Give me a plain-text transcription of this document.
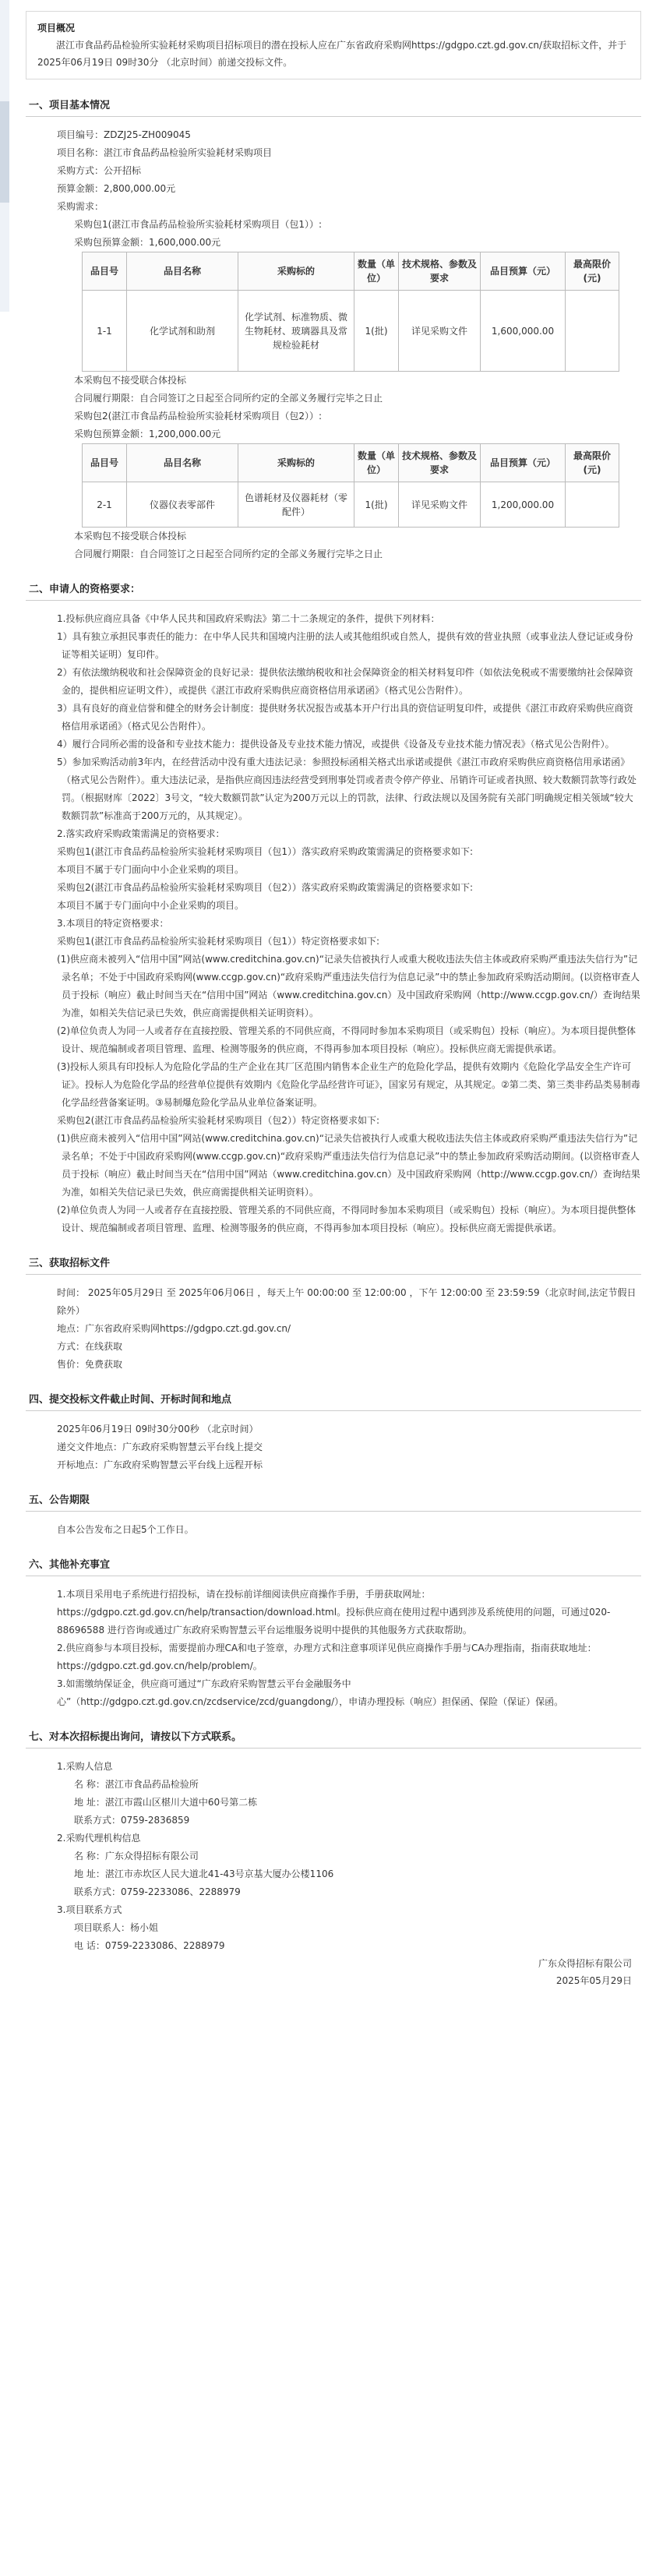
项目概况
湛江市食品药品检验所实验耗材采购项目招标项目的潜在投标人应在广东省政府采购网https://gdgpo.czt.gd.gov.cn/获取招标文件，并于 2025年06月19日 09时30分 （北京时间）前递交投标文件。
一、项目基本情况
项目编号：ZDZJ25-ZH009045
项目名称：湛江市食品药品检验所实验耗材采购项目
采购方式：公开招标
预算金额：2,800,000.00元
采购需求：
采购包1(湛江市食品药品检验所实验耗材采购项目（包1））:
采购包预算金额：1,600,000.00元
品目号	品目名称	采购标的	数量（单位）	技术规格、参数及要求	品目预算（元）	最高限价(元)
1-1	化学试剂和助剂	化学试剂、标准物质、微生物耗材、玻璃器具及常规检验耗材	1(批)	详见采购文件	1,600,000.00	
本采购包不接受联合体投标
合同履行期限：自合同签订之日起至合同所约定的全部义务履行完毕之日止
采购包2(湛江市食品药品检验所实验耗材采购项目（包2））:
采购包预算金额：1,200,000.00元
品目号	品目名称	采购标的	数量（单位）	技术规格、参数及要求	品目预算（元）	最高限价(元)
2-1	仪器仪表零部件	色谱耗材及仪器耗材（零配件）	1(批)	详见采购文件	1,200,000.00	
本采购包不接受联合体投标
合同履行期限：自合同签订之日起至合同所约定的全部义务履行完毕之日止
二、申请人的资格要求：
1.投标供应商应具备《中华人民共和国政府采购法》第二十二条规定的条件，提供下列材料：
1）具有独立承担民事责任的能力：在中华人民共和国境内注册的法人或其他组织或自然人，提供有效的营业执照（或事业法人登记证或身份证等相关证明）复印件。
2）有依法缴纳税收和社会保障资金的良好记录：提供依法缴纳税收和社会保障资金的相关材料复印件（如依法免税或不需要缴纳社会保障资金的，提供相应证明文件），或提供《湛江市政府采购供应商资格信用承诺函》（格式见公告附件）。
3）具有良好的商业信誉和健全的财务会计制度：提供财务状况报告或基本开户行出具的资信证明复印件，或提供《湛江市政府采购供应商资格信用承诺函》（格式见公告附件）。
4）履行合同所必需的设备和专业技术能力：提供设备及专业技术能力情况，或提供《设备及专业技术能力情况表》（格式见公告附件）。
5）参加采购活动前3年内，在经营活动中没有重大违法记录：参照投标函相关格式出承诺或提供《湛江市政府采购供应商资格信用承诺函》（格式见公告附件）。重大违法记录，是指供应商因违法经营受到刑事处罚或者责令停产停业、吊销许可证或者执照、较大数额罚款等行政处罚。（根据财库〔2022〕3号文，“较大数额罚款”认定为200万元以上的罚款，法律、行政法规以及国务院有关部门明确规定相关领域“较大数额罚款”标准高于200万元的，从其规定）。
2.落实政府采购政策需满足的资格要求：
采购包1(湛江市食品药品检验所实验耗材采购项目（包1））落实政府采购政策需满足的资格要求如下:
本项目不属于专门面向中小企业采购的项目。
采购包2(湛江市食品药品检验所实验耗材采购项目（包2））落实政府采购政策需满足的资格要求如下:
本项目不属于专门面向中小企业采购的项目。
3.本项目的特定资格要求：
采购包1(湛江市食品药品检验所实验耗材采购项目（包1））特定资格要求如下:
(1)供应商未被列入“信用中国”网站(www.creditchina.gov.cn)“记录失信被执行人或重大税收违法失信主体或政府采购严重违法失信行为”记录名单；不处于中国政府采购网(www.ccgp.gov.cn)“政府采购严重违法失信行为信息记录”中的禁止参加政府采购活动期间。(以资格审查人员于投标（响应）截止时间当天在“信用中国”网站（www.creditchina.gov.cn）及中国政府采购网（http://www.ccgp.gov.cn/）查询结果为准，如相关失信记录已失效，供应商需提供相关证明资料）。
(2)单位负责人为同一人或者存在直接控股、管理关系的不同供应商，不得同时参加本采购项目（或采购包）投标（响应）。为本项目提供整体设计、规范编制或者项目管理、监理、检测等服务的供应商，不得再参加本项目投标（响应）。投标供应商无需提供承诺。
(3)投标人须具有印投标人为危险化学品的生产企业在其厂区范围内销售本企业生产的危险化学品，提供有效期内《危险化学品安全生产许可证》。投标人为危险化学品的经营单位提供有效期内《危险化学品经营许可证》，国家另有规定，从其规定。②第二类、第三类非药品类易制毒化学品经营备案证明。③易制爆危险化学品从业单位备案证明。
采购包2(湛江市食品药品检验所实验耗材采购项目（包2））特定资格要求如下:
(1)供应商未被列入“信用中国”网站(www.creditchina.gov.cn)“记录失信被执行人或重大税收违法失信主体或政府采购严重违法失信行为”记录名单；不处于中国政府采购网(www.ccgp.gov.cn)“政府采购严重违法失信行为信息记录”中的禁止参加政府采购活动期间。(以资格审查人员于投标（响应）截止时间当天在“信用中国”网站（www.creditchina.gov.cn）及中国政府采购网（http://www.ccgp.gov.cn/）查询结果为准，如相关失信记录已失效，供应商需提供相关证明资料）。
(2)单位负责人为同一人或者存在直接控股、管理关系的不同供应商，不得同时参加本采购项目（或采购包）投标（响应）。为本项目提供整体设计、规范编制或者项目管理、监理、检测等服务的供应商，不得再参加本项目投标（响应）。投标供应商无需提供承诺。
三、获取招标文件
时间： 2025年05月29日 至 2025年06月06日 ，每天上午 00:00:00 至 12:00:00 ，下午 12:00:00 至 23:59:59（北京时间,法定节假日除外）
地点：广东省政府采购网https://gdgpo.czt.gd.gov.cn/
方式：在线获取
售价：免费获取
四、提交投标文件截止时间、开标时间和地点
2025年06月19日 09时30分00秒 （北京时间）
递交文件地点：广东政府采购智慧云平台线上提交
开标地点：广东政府采购智慧云平台线上远程开标
五、公告期限
自本公告发布之日起5个工作日。
六、其他补充事宜
1.本项目采用电子系统进行招投标，请在投标前详细阅读供应商操作手册，手册获取网址：https://gdgpo.czt.gd.gov.cn/help/transaction/download.html。投标供应商在使用过程中遇到涉及系统使用的问题，可通过020-88696588 进行咨询或通过广东政府采购智慧云平台运维服务说明中提供的其他服务方式获取帮助。
2.供应商参与本项目投标，需要提前办理CA和电子签章，办理方式和注意事项详见供应商操作手册与CA办理指南，指南获取地址：https://gdgpo.czt.gd.gov.cn/help/problem/。
3.如需缴纳保证金，供应商可通过“广东政府采购智慧云平台金融服务中心”（http://gdgpo.czt.gd.gov.cn/zcdservice/zcd/guangdong/），申请办理投标（响应）担保函、保险（保证）保函。
七、对本次招标提出询问，请按以下方式联系。
1.采购人信息
名 称：湛江市食品药品检验所
地 址：湛江市霞山区椹川大道中60号第二栋
联系方式：0759-2836859
2.采购代理机构信息
名 称：广东众得招标有限公司
地 址：湛江市赤坎区人民大道北41-43号京基大厦办公楼1106
联系方式：0759-2233086、2288979
3.项目联系方式
项目联系人：杨小姐
电 话：0759-2233086、2288979
广东众得招标有限公司
2025年05月29日
